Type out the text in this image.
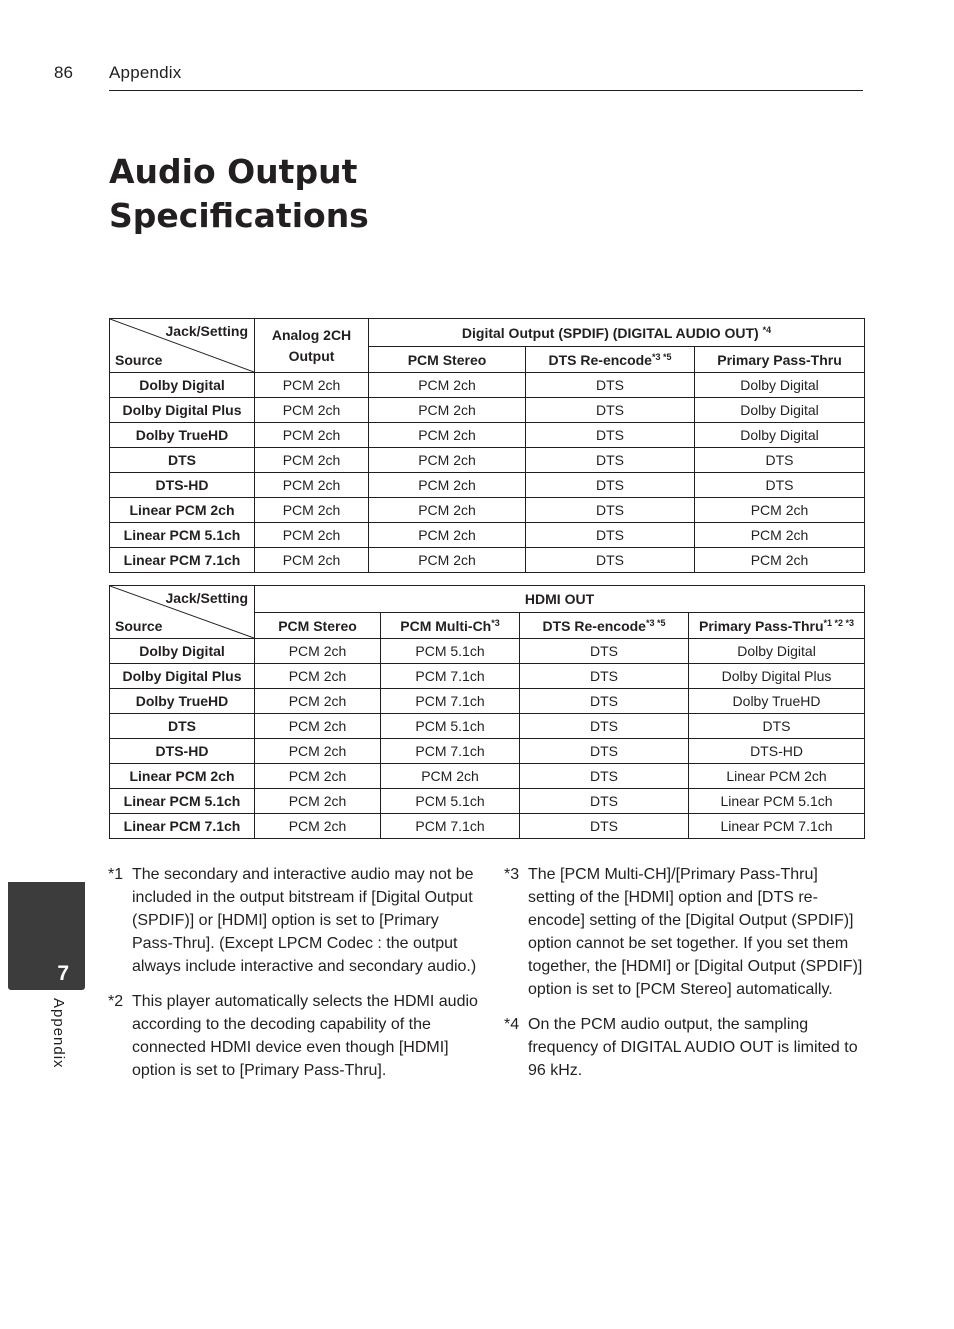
86 Appendix
Audio Output Specifications
Jack/Setting
Source	Analog 2CH Output	Digital Output (SPDIF) (DIGITAL AUDIO OUT) $^{*4}$
		PCM Stereo	DTS Re-encode$^{*3 *5}$	Primary Pass-Thru
Dolby Digital	PCM 2ch	PCM 2ch	DTS	Dolby Digital
Dolby Digital Plus	PCM 2ch	PCM 2ch	DTS	Dolby Digital
Dolby TrueHD	PCM 2ch	PCM 2ch	DTS	Dolby Digital
DTS	PCM 2ch	PCM 2ch	DTS	DTS
DTS-HD	PCM 2ch	PCM 2ch	DTS	DTS
Linear PCM 2ch	PCM 2ch	PCM 2ch	DTS	PCM 2ch
Linear PCM 5.1ch	PCM 2ch	PCM 2ch	DTS	PCM 2ch
Linear PCM 7.1ch	PCM 2ch	PCM 2ch	DTS	PCM 2ch
Jack/Setting
Source	HDMI OUT			
	PCM Stereo	PCM Multi-Ch$^{*3}$	DTS Re-encode$^{*3 *5}$	Primary Pass-Thru$^{*1 *2 *3}$
Dolby Digital	PCM 2ch	PCM 5.1ch	DTS	Dolby Digital
Dolby Digital Plus	PCM 2ch	PCM 7.1ch	DTS	Dolby Digital Plus
Dolby TrueHD	PCM 2ch	PCM 7.1ch	DTS	Dolby TrueHD
DTS	PCM 2ch	PCM 5.1ch	DTS	DTS
DTS-HD	PCM 2ch	PCM 7.1ch	DTS	DTS-HD
Linear PCM 2ch	PCM 2ch	PCM 2ch	DTS	Linear PCM 2ch
Linear PCM 5.1ch	PCM 2ch	PCM 5.1ch	DTS	Linear PCM 5.1ch
Linear PCM 7.1ch	PCM 2ch	PCM 7.1ch	DTS	Linear PCM 7.1ch
*1 The secondary and interactive audio may not be included in the output bitstream if [Digital Output (SPDIF)] or [HDMI] option is set to [Primary Pass-Thru]. (Except LPCM Codec : the output always include interactive and secondary audio.)
*2 This player automatically selects the HDMI audio according to the decoding capability of the connected HDMI device even though [HDMI] option is set to [Primary Pass-Thru].
*3 The [PCM Multi-CH]/[Primary Pass-Thru] setting of the [HDMI] option and [DTS re-encode] setting of the [Digital Output (SPDIF)] option cannot be set together. If you set them together, the [HDMI] or [Digital Output (SPDIF)] option is set to [PCM Stereo] automatically.
*4 On the PCM audio output, the sampling frequency of DIGITAL AUDIO OUT is limited to 96 kHz.
7
Appendix
